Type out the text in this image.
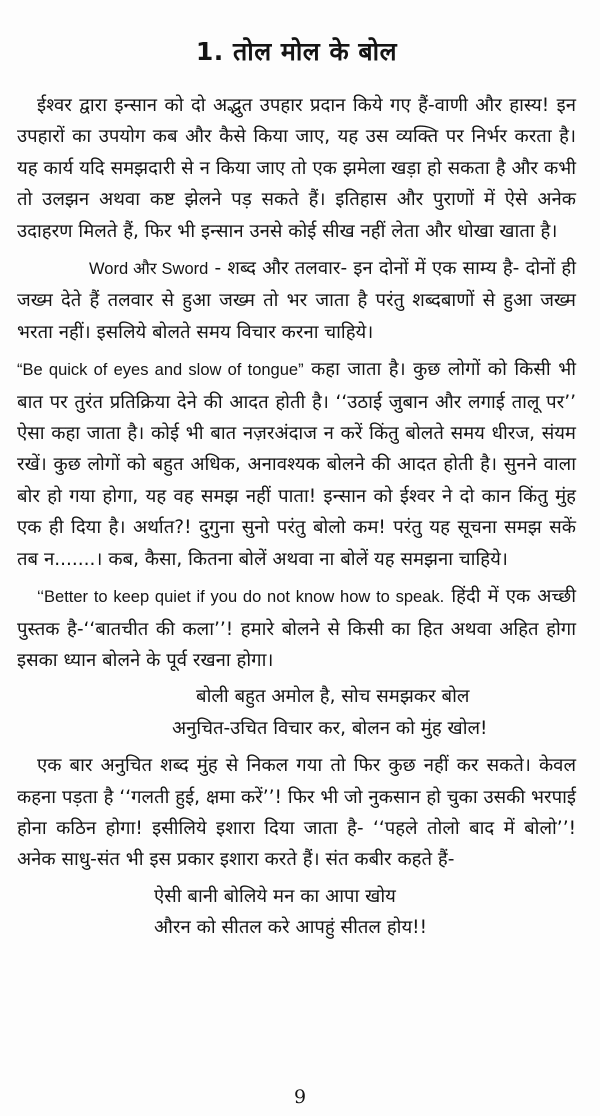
1. तोल मोल के बोल

ईश्वर द्वारा इन्सान को दो अद्भुत उपहार प्रदान किये गए हैं-वाणी और हास्य! इन उपहारों का उपयोग कब और कैसे किया जाए, यह उस व्यक्ति पर निर्भर करता है। यह कार्य यदि समझदारी से न किया जाए तो एक झमेला खड़ा हो सकता है और कभी तो उलझन अथवा कष्ट झेलने पड़ सकते हैं। इतिहास और पुराणों में ऐसे अनेक उदाहरण मिलते हैं, फिर भी इन्सान उनसे कोई सीख नहीं लेता और धोखा खाता है।

Word और Sword - शब्द और तलवार- इन दोनों में एक साम्य है- दोनों ही जख्म देते हैं तलवार से हुआ जख्म तो भर जाता है परंतु शब्दबाणों से हुआ जख्म भरता नहीं। इसलिये बोलते समय विचार करना चाहिये।

“Be quick of eyes and slow of tongue” कहा जाता है। कुछ लोगों को किसी भी बात पर तुरंत प्रतिक्रिया देने की आदत होती है। ‘‘उठाई जुबान और लगाई तालू पर’’ ऐसा कहा जाता है। कोई भी बात नज़रअंदाज न करें किंतु बोलते समय धीरज, संयम रखें। कुछ लोगों को बहुत अधिक, अनावश्यक बोलने की आदत होती है। सुनने वाला बोर हो गया होगा, यह वह समझ नहीं पाता! इन्सान को ईश्वर ने दो कान किंतु मुंह एक ही दिया है। अर्थात?! दुगुना सुनो परंतु बोलो कम! परंतु यह सूचना समझ सकें तब न.......। कब, कैसा, कितना बोलें अथवा ना बोलें यह समझना चाहिये।

‘‘Better to keep quiet if you do not know how to speak. हिंदी में एक अच्छी पुस्तक है-‘‘बातचीत की कला’’! हमारे बोलने से किसी का हित अथवा अहित होगा इसका ध्यान बोलने के पूर्व रखना होगा।

बोली बहुत अमोल है, सोच समझकर बोल
अनुचित-उचित विचार कर, बोलन को मुंह खोल!

एक बार अनुचित शब्द मुंह से निकल गया तो फिर कुछ नहीं कर सकते। केवल कहना पड़ता है ‘‘गलती हुई, क्षमा करें’’! फिर भी जो नुकसान हो चुका उसकी भरपाई होना कठिन होगा! इसीलिये इशारा दिया जाता है- ‘‘पहले तोलो बाद में बोलो’’! अनेक साधु-संत भी इस प्रकार इशारा करते हैं। संत कबीर कहते हैं-

ऐसी बानी बोलिये मन का आपा खोय
औरन को सीतल करे आपहुं सीतल होय!!
9
